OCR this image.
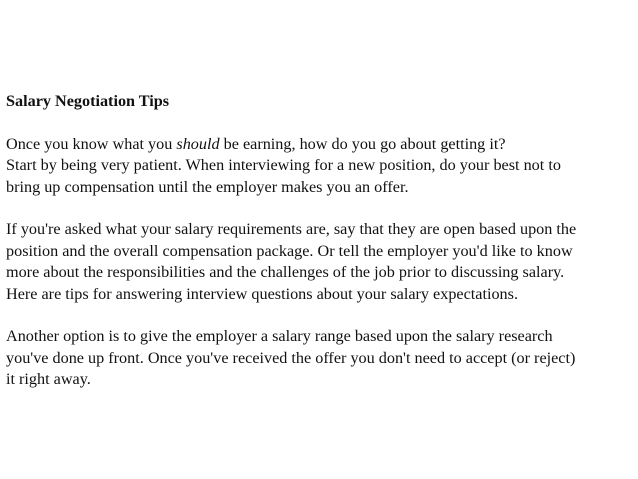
Salary Negotiation Tips

Once you know what you should be earning, how do you go about getting it?
Start by being very patient. When interviewing for a new position, do your best not to
bring up compensation until the employer makes you an offer.

If you're asked what your salary requirements are, say that they are open based upon the
position and the overall compensation package. Or tell the employer you'd like to know
more about the responsibilities and the challenges of the job prior to discussing salary.
Here are tips for answering interview questions about your salary expectations.

Another option is to give the employer a salary range based upon the salary research
you've done up front. Once you've received the offer you don't need to accept (or reject)
it right away.
